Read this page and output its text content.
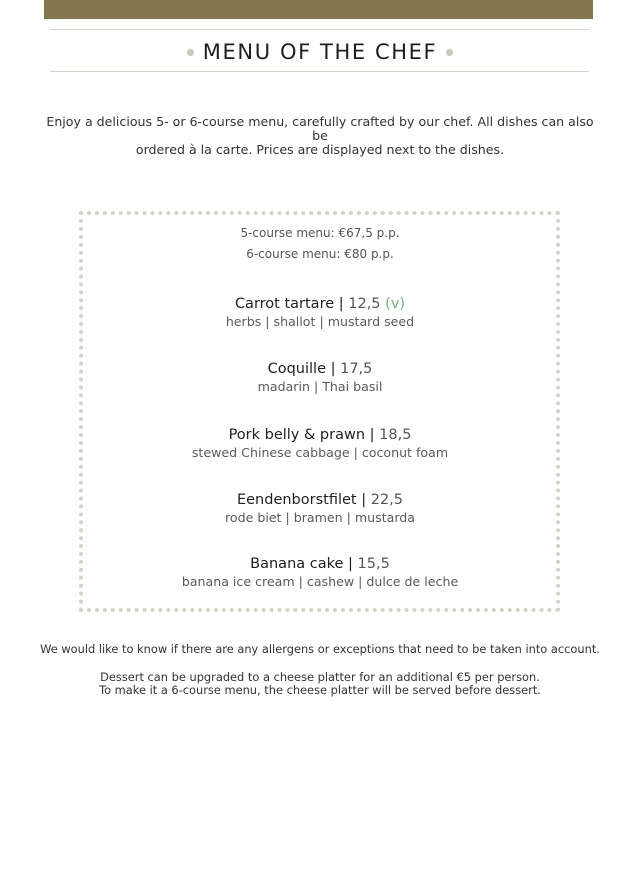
MENU OF THE CHEF
Enjoy a delicious 5- or 6-course menu, carefully crafted by our chef. All dishes can also be
ordered à la carte. Prices are displayed next to the dishes.
5-course menu: €67,5 p.p.
6-course menu: €80 p.p.
Carrot tartare | 12,5 (v)
herbs | shallot | mustard seed
Coquille | 17,5
madarin | Thai basil
Pork belly & prawn | 18,5
stewed Chinese cabbage | coconut foam
Eendenborstfilet | 22,5
rode biet | bramen | mustarda
Banana cake | 15,5
banana ice cream | cashew | dulce de leche
We would like to know if there are any allergens or exceptions that need to be taken into account.
Dessert can be upgraded to a cheese platter for an additional €5 per person.
To make it a 6-course menu, the cheese platter will be served before dessert.
